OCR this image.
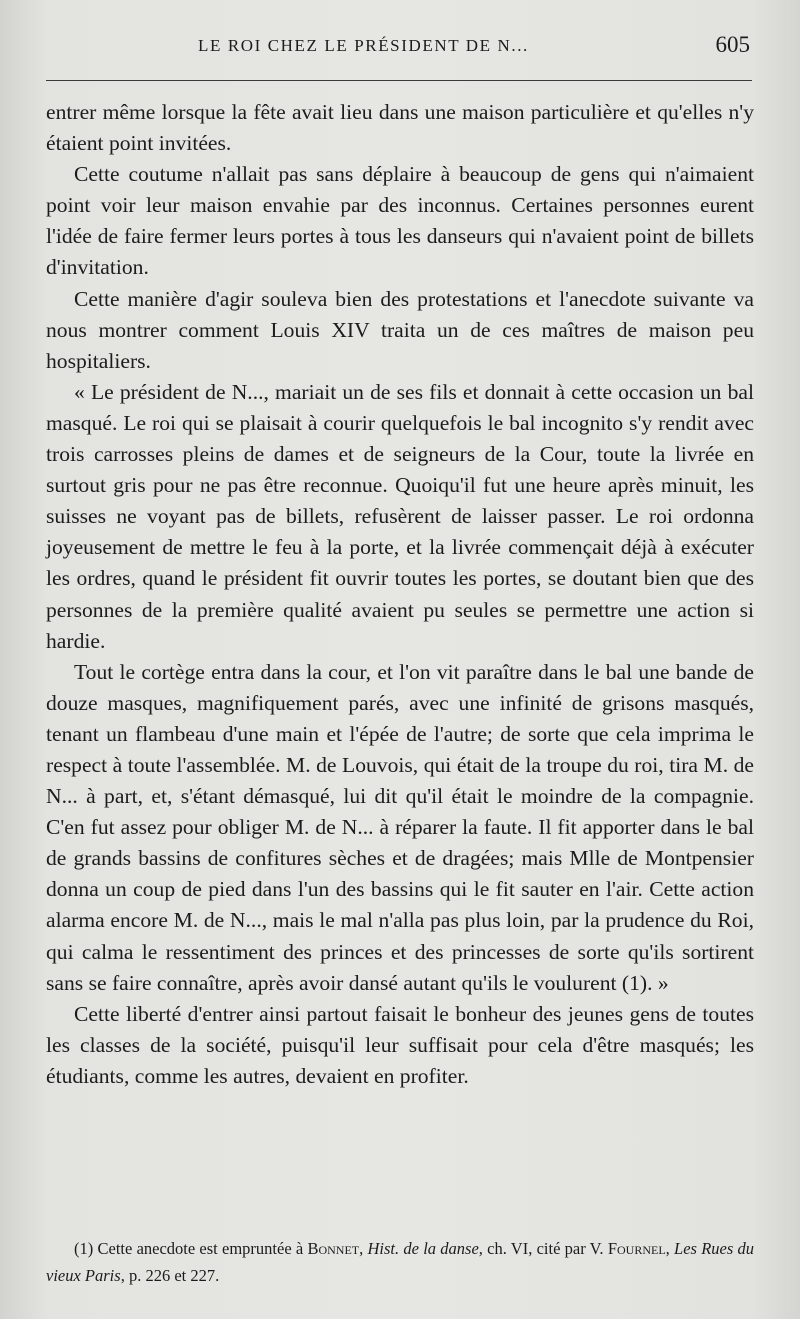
LE ROI CHEZ LE PRÉSIDENT DE N...	605

entrer même lorsque la fête avait lieu dans une maison particulière et qu'elles n'y étaient point invitées.

Cette coutume n'allait pas sans déplaire à beaucoup de gens qui n'aimaient point voir leur maison envahie par des inconnus. Certaines personnes eurent l'idée de faire fermer leurs portes à tous les danseurs qui n'avaient point de billets d'invitation.

Cette manière d'agir souleva bien des protestations et l'anecdote suivante va nous montrer comment Louis XIV traita un de ces maîtres de maison peu hospitaliers.

« Le président de N..., mariait un de ses fils et donnait à cette occasion un bal masqué. Le roi qui se plaisait à courir quelquefois le bal incognito s'y rendit avec trois carrosses pleins de dames et de seigneurs de la Cour, toute la livrée en surtout gris pour ne pas être reconnue. Quoiqu'il fut une heure après minuit, les suisses ne voyant pas de billets, refusèrent de laisser passer. Le roi ordonna joyeusement de mettre le feu à la porte, et la livrée commençait déjà à exécuter les ordres, quand le président fit ouvrir toutes les portes, se doutant bien que des personnes de la première qualité avaient pu seules se permettre une action si hardie.

Tout le cortège entra dans la cour, et l'on vit paraître dans le bal une bande de douze masques, magnifiquement parés, avec une infinité de grisons masqués, tenant un flambeau d'une main et l'épée de l'autre; de sorte que cela imprima le respect à toute l'assemblée. M. de Louvois, qui était de la troupe du roi, tira M. de N... à part, et, s'étant démasqué, lui dit qu'il était le moindre de la compagnie. C'en fut assez pour obliger M. de N... à réparer la faute. Il fit apporter dans le bal de grands bassins de confitures sèches et de dragées; mais Mlle de Montpensier donna un coup de pied dans l'un des bassins qui le fit sauter en l'air. Cette action alarma encore M. de N..., mais le mal n'alla pas plus loin, par la prudence du Roi, qui calma le ressentiment des princes et des princesses de sorte qu'ils sortirent sans se faire connaître, après avoir dansé autant qu'ils le voulurent (1). »

Cette liberté d'entrer ainsi partout faisait le bonheur des jeunes gens de toutes les classes de la société, puisqu'il leur suffisait pour cela d'être masqués; les étudiants, comme les autres, devaient en profiter.

(1) Cette anecdote est empruntée à Bonnet, Hist. de la danse, ch. VI, cité par V. Fournel, Les Rues du vieux Paris, p. 226 et 227.
